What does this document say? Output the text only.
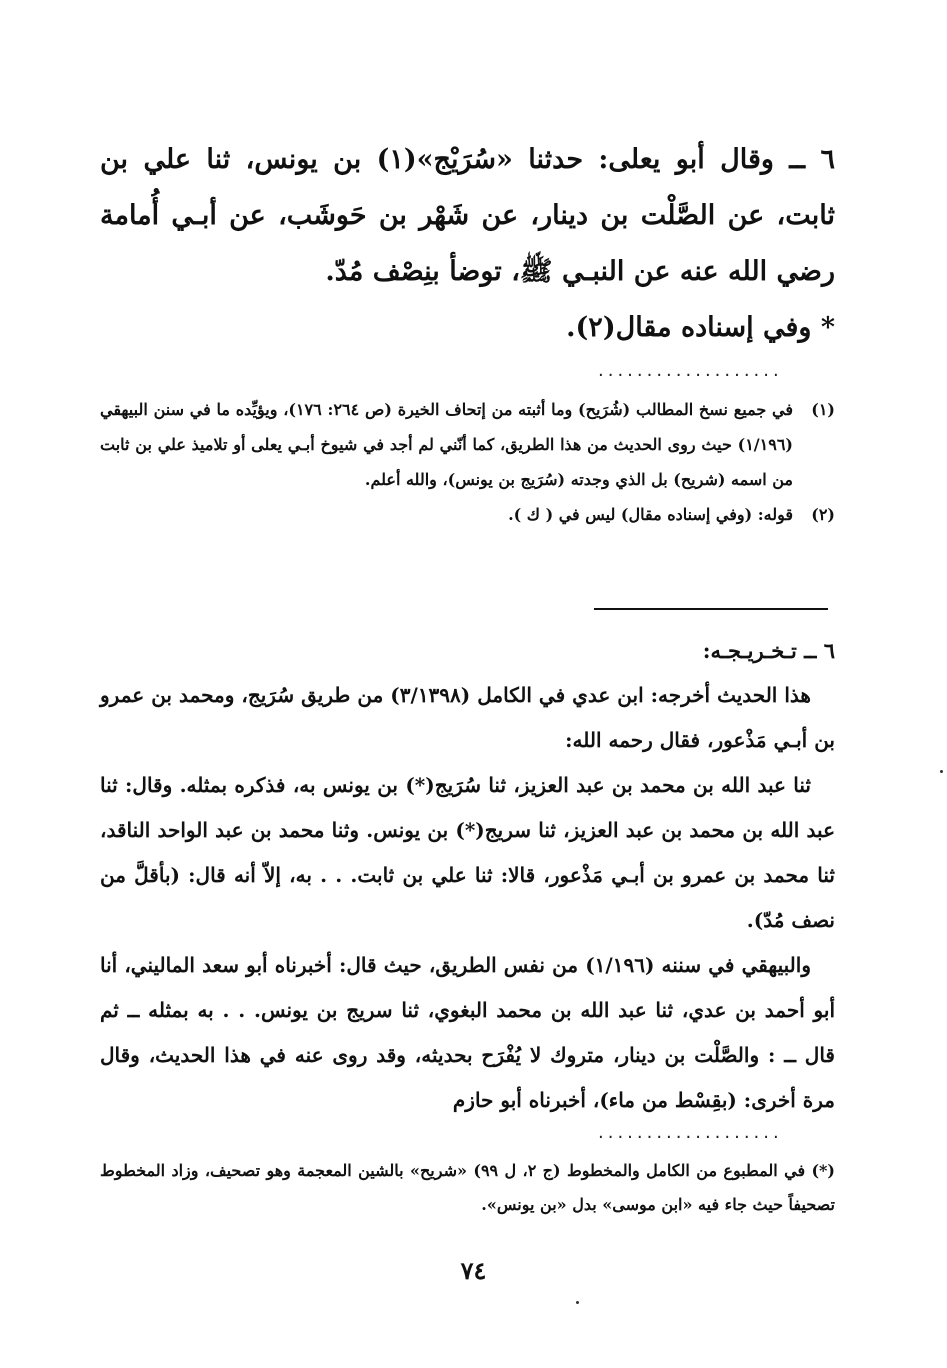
٦ ــ وقال أبو يعلى: حدثنا «سُرَيْج»(١) بن يونس، ثنا علي بن ثابت، عن الصَّلْت بن دينار، عن شَهْر بن حَوشَب، عن أبـي أُمامة رضي الله عنه عن النبـي ﷺ، توضأ بنِصْف مُدّ.

* وفي إسناده مقال(٢).

...................
(١)
في جميع نسخ المطالب (شُرَيح) وما أثبته من إتحاف الخيرة (ص ٢٦٤: ١٧٦)، ويؤيِّده ما في سنن البيهقي (١/١٩٦) حيث روى الحديث من هذا الطريق، كما أنّني لم أجد في شيوخ أبـي يعلى أو تلاميذ علي بن ثابت من اسمه (شريح) بل الذي وجدته (سُرَيج بن يونس)، والله أعلم.
(٢)
قوله: (وفي إسناده مقال) ليس في ( ك ).

٦ ــ تـخـريـجـه:

هذا الحديث أخرجه: ابن عدي في الكامل (٣/١٣٩٨) من طريق سُرَيج، ومحمد بن عمرو بن أبـي مَذْعور، فقال رحمه الله:

ثنا عبد الله بن محمد بن عبد العزيز، ثنا سُرَيج(*) بن يونس به، فذكره بمثله. وقال: ثنا عبد الله بن محمد بن عبد العزيز، ثنا سريج(*) بن يونس. وثنا محمد بن عبد الواحد الناقد، ثنا محمد بن عمرو بن أبـي مَذْعور، قالا: ثنا علي بن ثابت. . . به، إلاّ أنه قال: (بأقلَّ من نصف مُدّ).

والبيهقي في سننه (١/١٩٦) من نفس الطريق، حيث قال: أخبرناه أبو سعد الماليني، أنا أبو أحمد بن عدي، ثنا عبد الله بن محمد البغوي، ثنا سريج بن يونس. . . به بمثله ــ ثم قال ــ : والصَّلْت بن دينار، متروك لا يُفْرَح بحديثه، وقد روى عنه في هذا الحديث، وقال مرة أخرى: (بقِسْط من ماء)، أخبرناه أبو حازم

...................

(*) في المطبوع من الكامل والمخطوط (ج ٢، ل ٩٩) «شريح» بالشين المعجمة وهو تصحيف، وزاد المخطوط تصحيفاً حيث جاء فيه «ابن موسى» بدل «بن يونس».

٧٤
